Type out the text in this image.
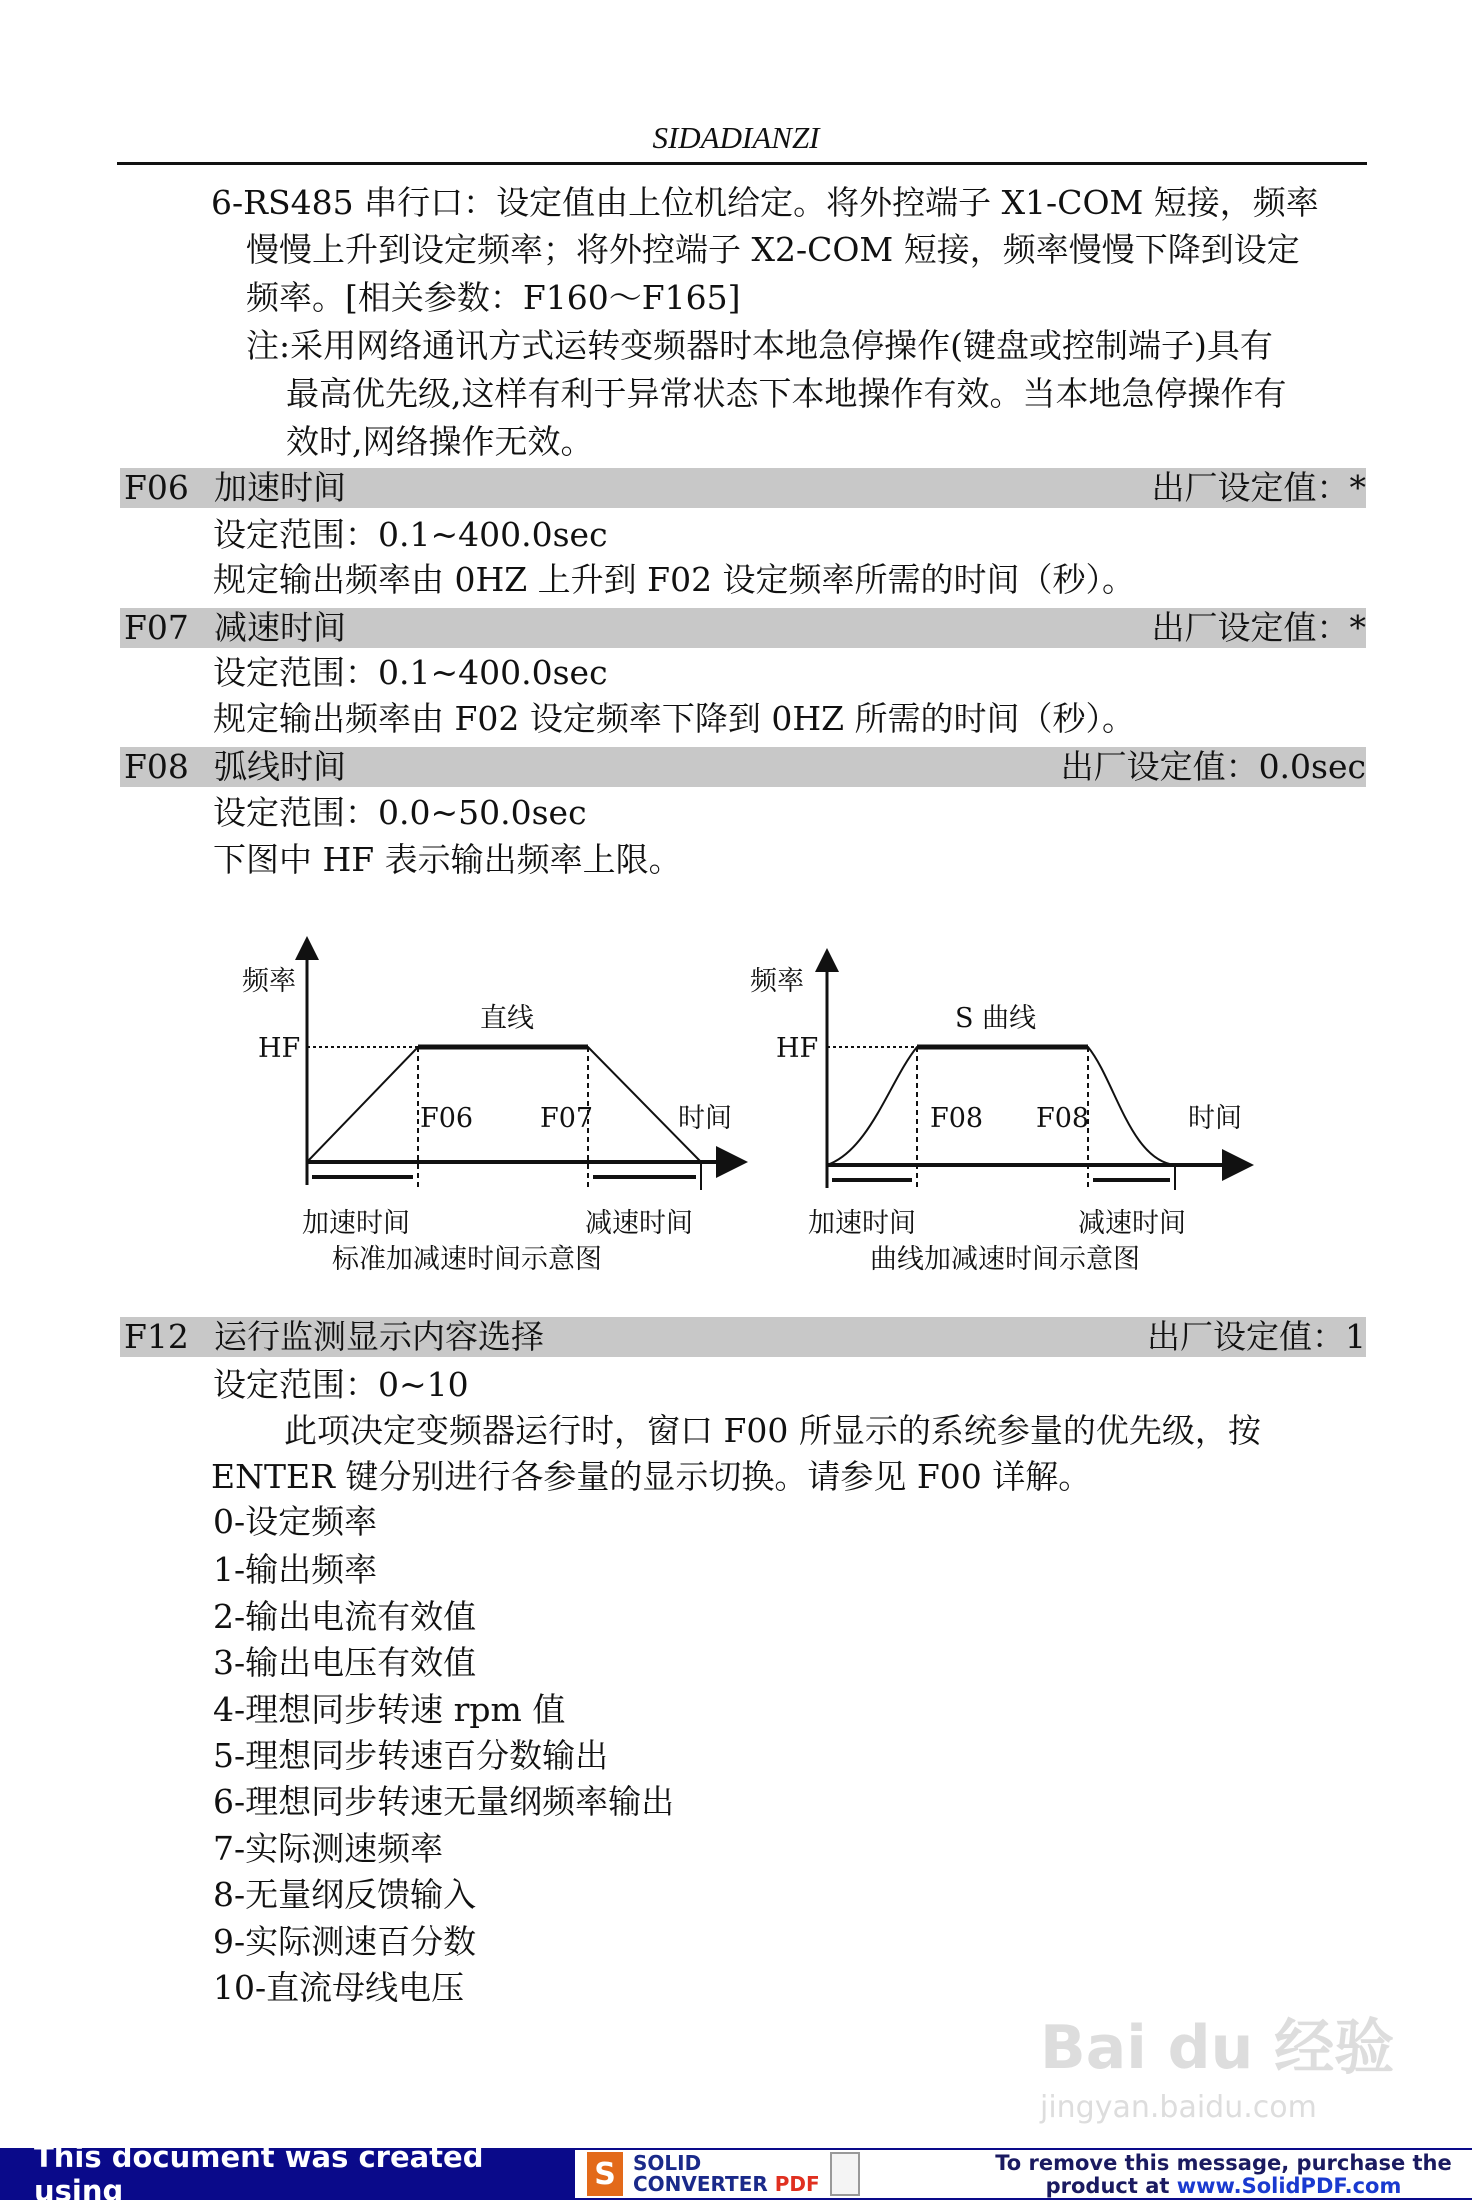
SIDADIANZI
6-RS485 串行口：设定值由上位机给定。将外控端子 X1-COM 短接，频率
慢慢上升到设定频率；将外控端子 X2-COM 短接，频率慢慢下降到设定
频率。[相关参数：F160～F165]
注:采用网络通讯方式运转变频器时本地急停操作(键盘或控制端子)具有
最高优先级,这样有利于异常状态下本地操作有效。当本地急停操作有
效时,网络操作无效。
F06 加速时间	出厂设定值：*
设定范围：0.1~400.0sec
规定输出频率由 0HZ 上升到 F02 设定频率所需的时间（秒）。
F07 减速时间	出厂设定值：*
设定范围：0.1~400.0sec
规定输出频率由 F02 设定频率下降到 0HZ 所需的时间（秒）。
F08 弧线时间	出厂设定值：0.0sec
设定范围：0.0~50.0sec
下图中 HF 表示输出频率上限。
频率
直线
HF
F06 F07	时间
加速时间	减速时间
标准加减速时间示意图
频率
S 曲线
HF
F08 F08	时间
加速时间	减速时间
曲线加减速时间示意图
F12 运行监测显示内容选择	出厂设定值：1
设定范围：0~10
此项决定变频器运行时，窗口 F00 所显示的系统参量的优先级，按
ENTER 键分别进行各参量的显示切换。请参见 F00 详解。
0-设定频率
1-输出频率
2-输出电流有效值
3-输出电压有效值
4-理想同步转速 rpm 值
5-理想同步转速百分数输出
6-理想同步转速无量纲频率输出
7-实际测速频率
8-无量纲反馈输入
9-实际测速百分数
10-直流母线电压
Bai du 经验
jingyan.baidu.com
This document was created using	S SOLID
CONVERTER PDF
To remove this message, purchase the
product at www.SolidPDF.com
